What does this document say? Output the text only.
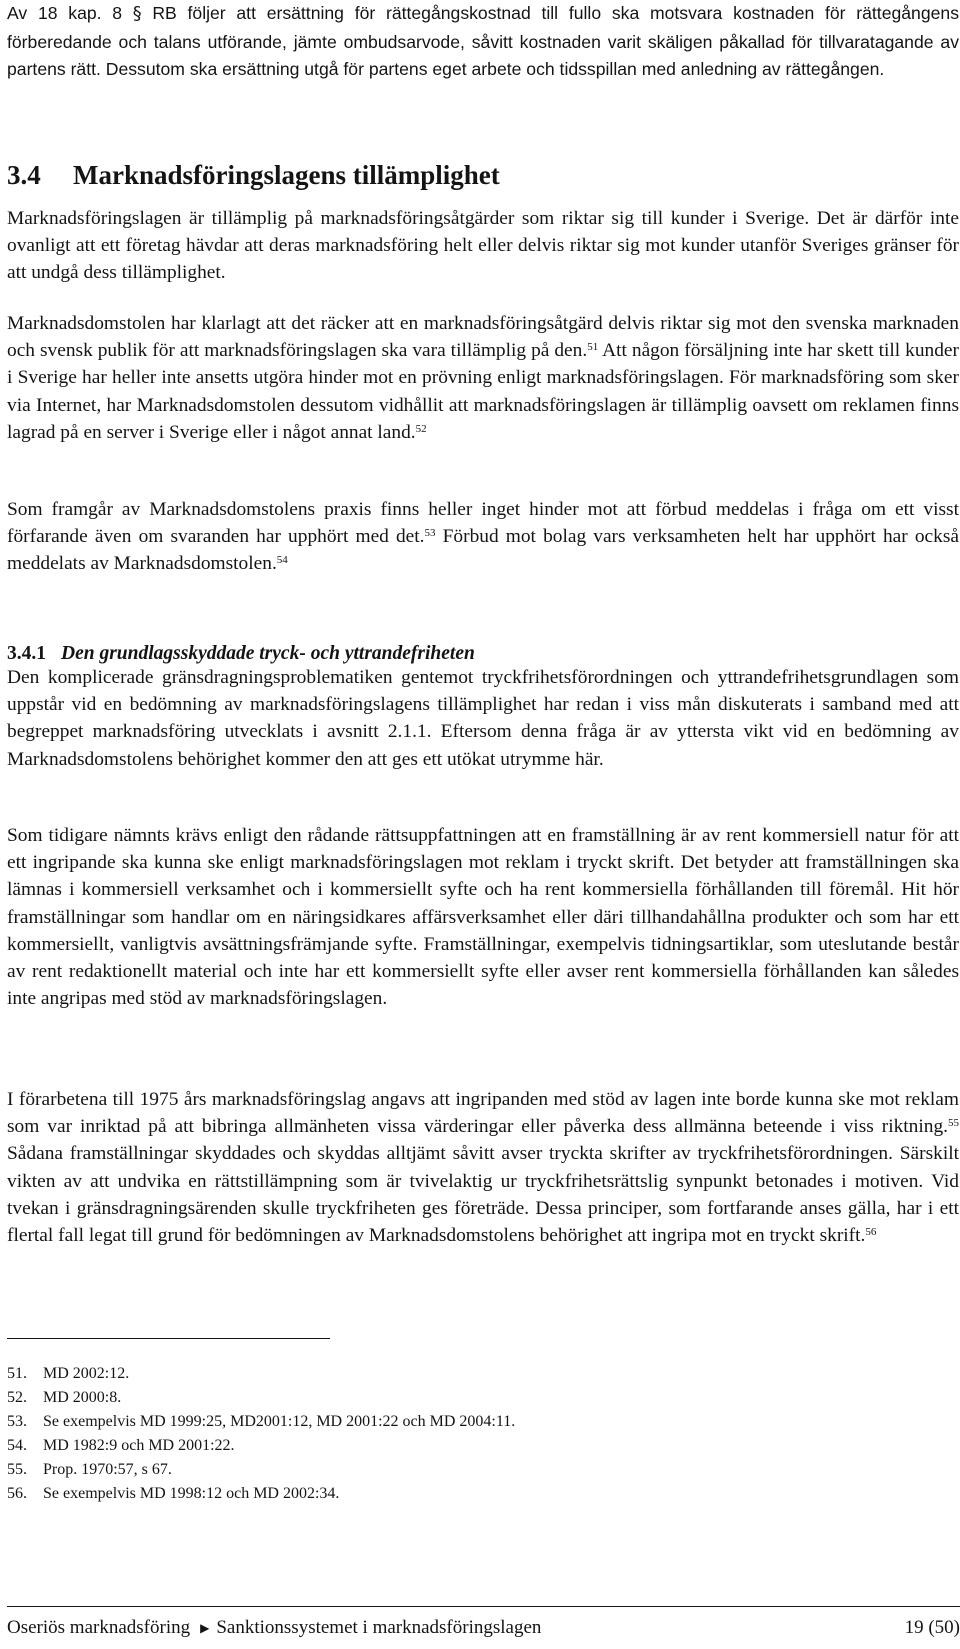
Av 18 kap. 8 § RB följer att ersättning för rättegångskostnad till fullo ska motsvara kostnaden för rättegångens förberedande och talans utförande, jämte ombudsarvode, såvitt kostnaden varit skäligen påkallad för tillvaratagande av partens rätt. Dessutom ska ersättning utgå för partens eget arbete och tidsspillan med anledning av rättegången.

3.4 Marknadsföringslagens tillämplighet

Marknadsföringslagen är tillämplig på marknadsföringsåtgärder som riktar sig till kunder i Sverige. Det är därför inte ovanligt att ett företag hävdar att deras marknadsföring helt eller delvis riktar sig mot kunder utanför Sveriges gränser för att undgå dess tillämplighet.

Marknadsdomstolen har klarlagt att det räcker att en marknadsföringsåtgärd delvis riktar sig mot den svenska marknaden och svensk publik för att marknadsföringslagen ska vara tillämplig på den.$^{51}$ Att någon försäljning inte har skett till kunder i Sverige har heller inte ansetts utgöra hinder mot en prövning enligt marknadsföringslagen. För marknadsföring som sker via Internet, har Marknadsdomstolen dessutom vidhållit att marknadsföringslagen är tillämplig oavsett om reklamen finns lagrad på en server i Sverige eller i något annat land.$^{52}$

Som framgår av Marknadsdomstolens praxis finns heller inget hinder mot att förbud meddelas i fråga om ett visst förfarande även om svaranden har upphört med det.$^{53}$ Förbud mot bolag vars verksamheten helt har upphört har också meddelats av Marknadsdomstolen.$^{54}$

3.4.1 Den grundlagsskyddade tryck- och yttrandefriheten

Den komplicerade gränsdragningsproblematiken gentemot tryckfrihetsförordningen och yttrandefrihetsgrundlagen som uppstår vid en bedömning av marknadsföringslagens tillämplighet har redan i viss mån diskuterats i samband med att begreppet marknadsföring utvecklats i avsnitt 2.1.1. Eftersom denna fråga är av yttersta vikt vid en bedömning av Marknadsdomstolens behörighet kommer den att ges ett utökat utrymme här.

Som tidigare nämnts krävs enligt den rådande rättsuppfattningen att en framställning är av rent kommersiell natur för att ett ingripande ska kunna ske enligt marknadsföringslagen mot reklam i tryckt skrift. Det betyder att framställningen ska lämnas i kommersiell verksamhet och i kommersiellt syfte och ha rent kommersiella förhållanden till föremål. Hit hör framställningar som handlar om en näringsidkares affärsverksamhet eller däri tillhandahållna produkter och som har ett kommersiellt, vanligtvis avsättningsfrämjande syfte. Framställningar, exempelvis tidningsartiklar, som uteslutande består av rent redaktionellt material och inte har ett kommersiellt syfte eller avser rent kommersiella förhållanden kan således inte angripas med stöd av marknadsföringslagen.

I förarbetena till 1975 års marknadsföringslag angavs att ingripanden med stöd av lagen inte borde kunna ske mot reklam som var inriktad på att bibringa allmänheten vissa värderingar eller påverka dess allmänna beteende i viss riktning.$^{55}$ Sådana framställningar skyddades och skyddas alltjämt såvitt avser tryckta skrifter av tryckfrihetsförordningen. Särskilt vikten av att undvika en rättstillämpning som är tvivelaktig ur tryckfrihetsrättslig synpunkt betonades i motiven. Vid tvekan i gränsdragningsärenden skulle tryckfriheten ges företräde. Dessa principer, som fortfarande anses gälla, har i ett flertal fall legat till grund för bedömningen av Marknadsdomstolens behörighet att ingripa mot en tryckt skrift.$^{56}$

51.	MD 2002:12.
52.	MD 2000:8.
53.	Se exempelvis MD 1999:25, MD2001:12, MD 2001:22 och MD 2004:11.
54.	MD 1982:9 och MD 2001:22.
55.	Prop. 1970:57, s 67.
56.	Se exempelvis MD 1998:12 och MD 2002:34.
Oseriös marknadsföring ▶ Sanktionssystemet i marknadsföringslagen	19 (50)
